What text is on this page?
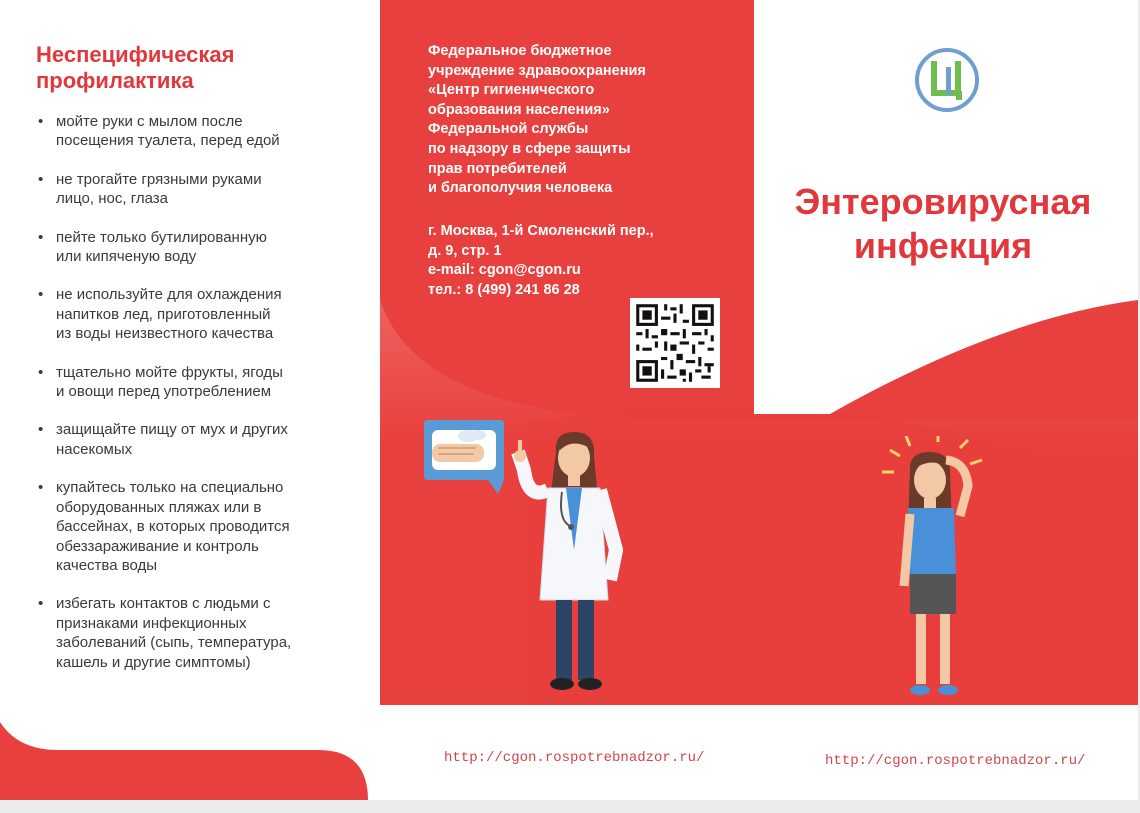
Неспецифическая
профилактика
• мойте руки с мылом после
посещения туалета, перед едой
• не трогайте грязными руками
лицо, нос, глаза
• пейте только бутилированную
или кипяченую воду
• не используйте для охлаждения
напитков лед, приготовленный
из воды неизвестного качества
• тщательно мойте фрукты, ягоды
и овощи перед употреблением
• защищайте пищу от мух и других
насекомых
• купайтесь только на специально
оборудованных пляжах или в
бассейнах, в которых проводится
обеззараживание и контроль
качества воды
• избегать контактов с людьми с
признаками инфекционных
заболеваний (сыпь, температура,
кашель и другие симптомы)
Федеральное бюджетное
учреждение здравоохранения
«Центр гигиенического
образования населения»
Федеральной службы
по надзору в сфере защиты
прав потребителей
и благополучия человека
г. Москва, 1-й Смоленский пер.,
д. 9, стр. 1
e-mail: cgon@cgon.ru
тел.: 8 (499) 241 86 28
Энтеровирусная
инфекция
http://cgon.rospotrebnadzor.ru/	http://cgon.rospotrebnadzor.ru/
